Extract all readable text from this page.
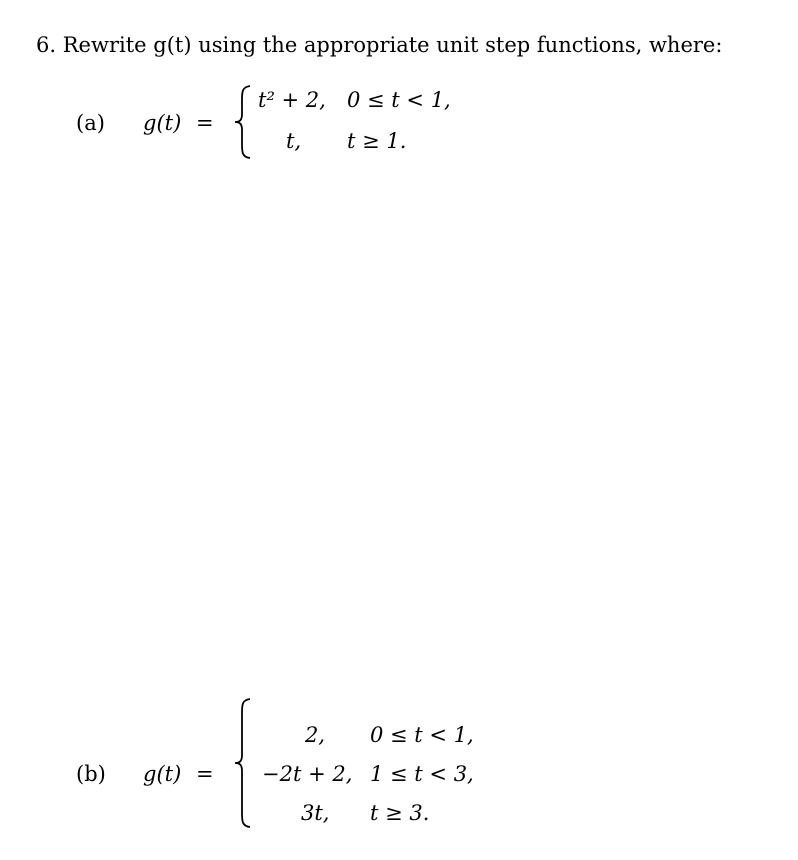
6. Rewrite g(t) using the appropriate unit step functions, where:
(a) g(t) =
t² + 2, 0 ≤ t < 1,
t, t ≥ 1.
(b) g(t) =
2, 0 ≤ t < 1,
−2t + 2, 1 ≤ t < 3,
3t, t ≥ 3.
